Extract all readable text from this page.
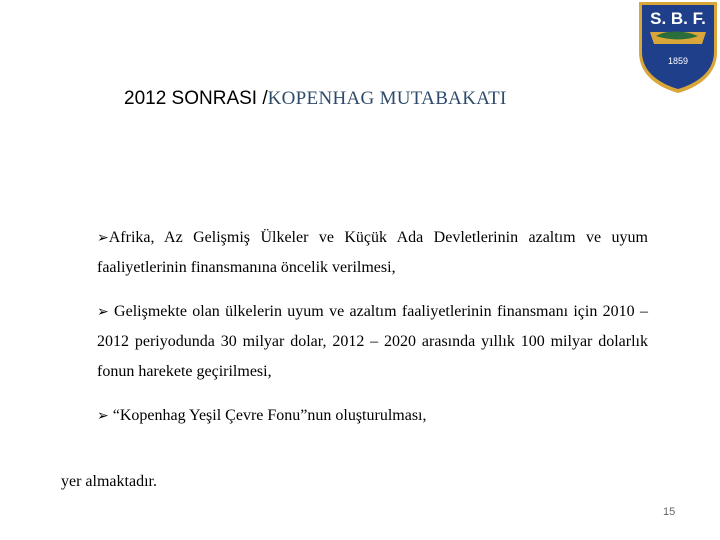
S. B. F.
1859
2012 SONRASI /KOPENHAG MUTABAKATI

➢Afrika, Az Gelişmiş Ülkeler ve Küçük Ada Devletlerinin azaltım ve uyum faaliyetlerinin finansmanına öncelik verilmesi,

➢ Gelişmekte olan ülkelerin uyum ve azaltım faaliyetlerinin finansmanı için 2010 – 2012 periyodunda 30 milyar dolar, 2012 – 2020 arasında yıllık 100 milyar dolarlık fonun harekete geçirilmesi,

➢ “Kopenhag Yeşil Çevre Fonu”nun oluşturulması,

yer almaktadır.
15
